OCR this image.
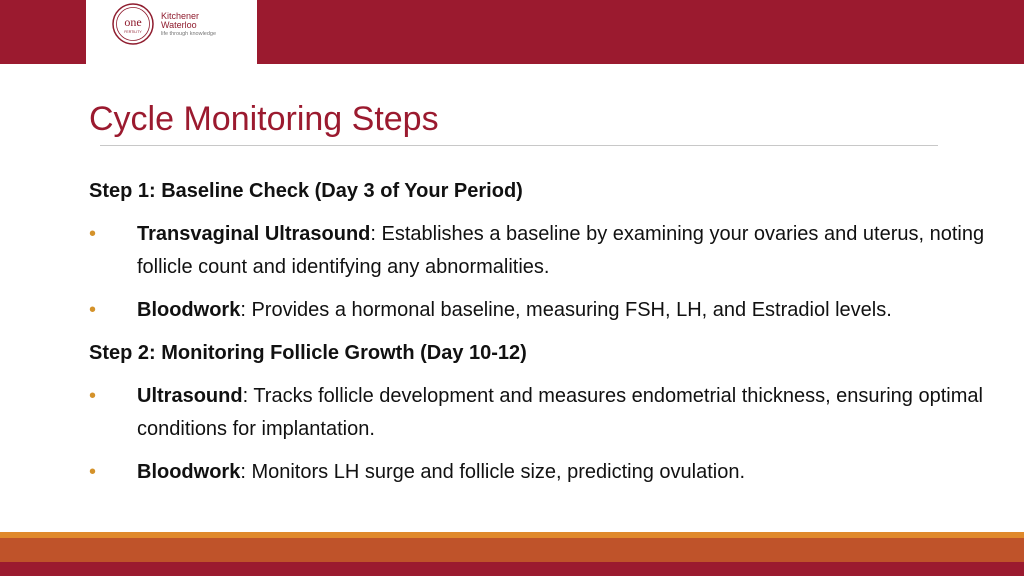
one
FERTILITY
Kitchener
Waterloo
life through knowledge
Cycle Monitoring Steps
Step 1: Baseline Check (Day 3 of Your Period)
• Transvaginal Ultrasound: Establishes a baseline by examining your ovaries and uterus, noting follicle count and identifying any abnormalities.
• Bloodwork: Provides a hormonal baseline, measuring FSH, LH, and Estradiol levels.
Step 2: Monitoring Follicle Growth (Day 10-12)
• Ultrasound: Tracks follicle development and measures endometrial thickness, ensuring optimal conditions for implantation.
• Bloodwork: Monitors LH surge and follicle size, predicting ovulation.
